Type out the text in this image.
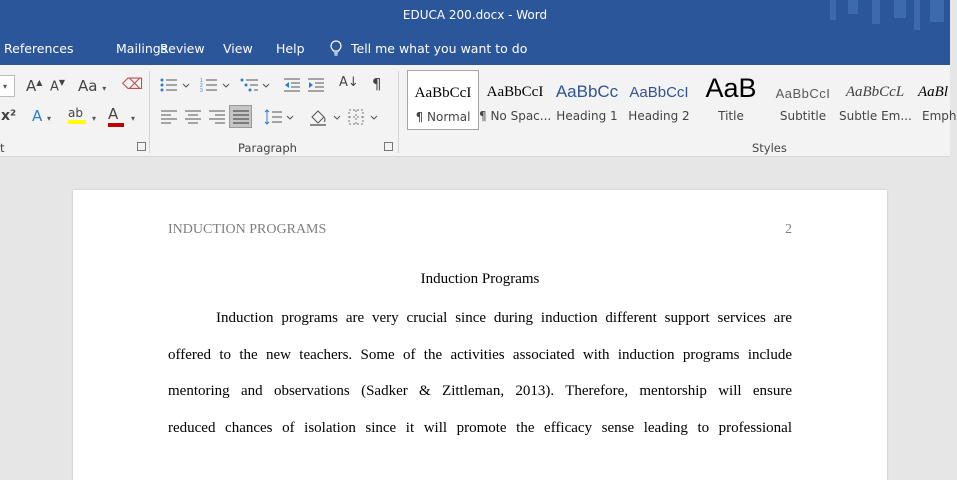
EDUCA 200.docx - Word
References	Mailings
Review View Help	Tell me what you want to do
▾ A▲ A▼ Aa ▾ ⌫
x² A ▾ ab	▾ A	▾
t
1
2
3
A↓ ¶
Paragraph
AaBbCcI
¶ Normal
AaBbCcI
¶ No Spac...
AaBbCc
Heading 1
AaBbCcI
Heading 2
AaB
Title
AaBbCcI
Subtitle
AaBbCcL
Subtle Em...
AaBl
Emph
Styles
INDUCTION PROGRAMS	2
Induction Programs
Induction programs are very crucial since during induction different support services are
offered to the new teachers. Some of the activities associated with induction programs include
mentoring and observations (Sadker & Zittleman, 2013). Therefore, mentorship will ensure
reduced chances of isolation since it will promote the efficacy sense leading to professional
